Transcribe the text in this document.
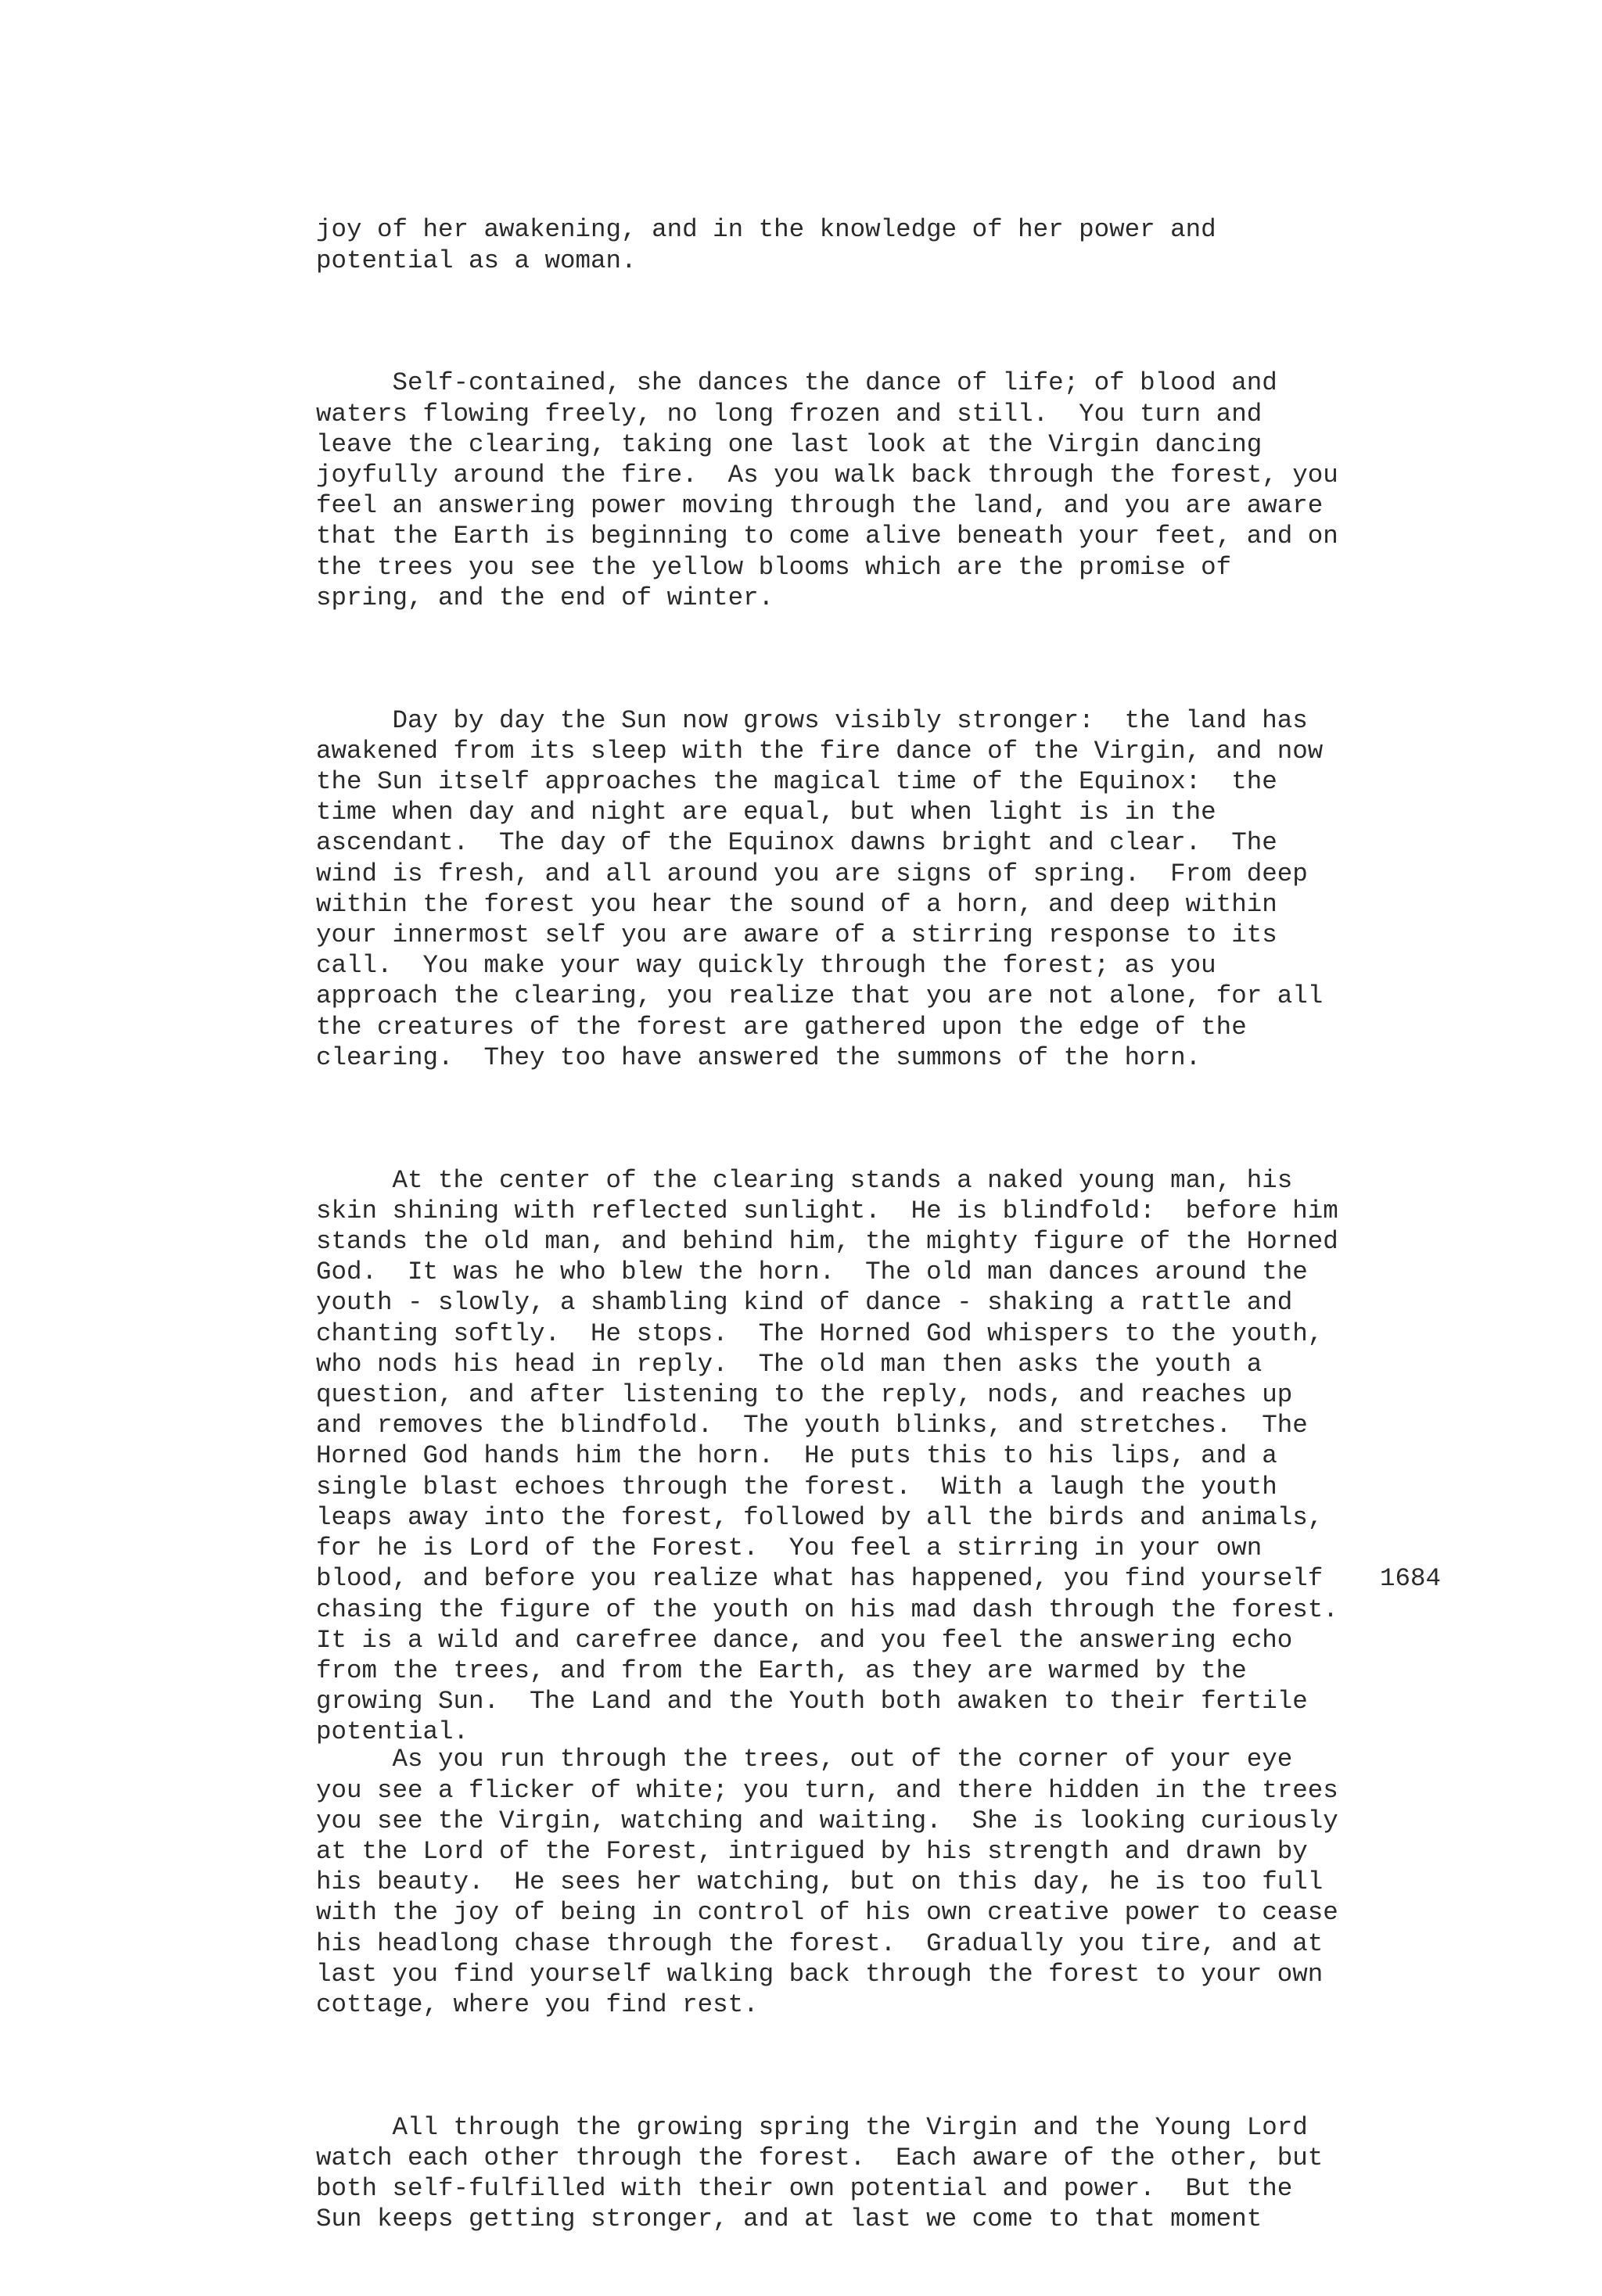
joy of her awakening, and in the knowledge of her power and
potential as a woman.

Self-contained, she dances the dance of life; of blood and
waters flowing freely, no long frozen and still.  You turn and
leave the clearing, taking one last look at the Virgin dancing
joyfully around the fire.  As you walk back through the forest, you
feel an answering power moving through the land, and you are aware
that the Earth is beginning to come alive beneath your feet, and on
the trees you see the yellow blooms which are the promise of
spring, and the end of winter.

Day by day the Sun now grows visibly stronger:  the land has
awakened from its sleep with the fire dance of the Virgin, and now
the Sun itself approaches the magical time of the Equinox:  the
time when day and night are equal, but when light is in the
ascendant.  The day of the Equinox dawns bright and clear.  The
wind is fresh, and all around you are signs of spring.  From deep
within the forest you hear the sound of a horn, and deep within
your innermost self you are aware of a stirring response to its
call.  You make your way quickly through the forest; as you
approach the clearing, you realize that you are not alone, for all
the creatures of the forest are gathered upon the edge of the
clearing.  They too have answered the summons of the horn.

At the center of the clearing stands a naked young man, his
skin shining with reflected sunlight.  He is blindfold:  before him
stands the old man, and behind him, the mighty figure of the Horned
God.  It was he who blew the horn.  The old man dances around the
youth - slowly, a shambling kind of dance - shaking a rattle and
chanting softly.  He stops.  The Horned God whispers to the youth,
who nods his head in reply.  The old man then asks the youth a
question, and after listening to the reply, nods, and reaches up
and removes the blindfold.  The youth blinks, and stretches.  The
Horned God hands him the horn.  He puts this to his lips, and a
single blast echoes through the forest.  With a laugh the youth
leaps away into the forest, followed by all the birds and animals,
for he is Lord of the Forest.  You feel a stirring in your own
blood, and before you realize what has happened, you find yourself
chasing the figure of the youth on his mad dash through the forest.
It is a wild and carefree dance, and you feel the answering echo
from the trees, and from the Earth, as they are warmed by the
growing Sun.  The Land and the Youth both awaken to their fertile
potential.

1684

As you run through the trees, out of the corner of your eye
you see a flicker of white; you turn, and there hidden in the trees
you see the Virgin, watching and waiting.  She is looking curiously
at the Lord of the Forest, intrigued by his strength and drawn by
his beauty.  He sees her watching, but on this day, he is too full
with the joy of being in control of his own creative power to cease
his headlong chase through the forest.  Gradually you tire, and at
last you find yourself walking back through the forest to your own
cottage, where you find rest.

All through the growing spring the Virgin and the Young Lord
watch each other through the forest.  Each aware of the other, but
both self-fulfilled with their own potential and power.  But the
Sun keeps getting stronger, and at last we come to that moment
